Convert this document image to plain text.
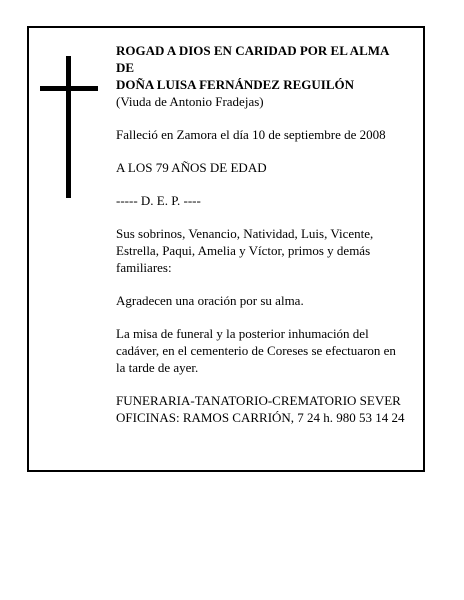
ROGAD A DIOS EN CARIDAD POR EL ALMA

DE

DOÑA LUISA FERNÁNDEZ REGUILÓN

(Viuda de Antonio Fradejas)

Falleció en Zamora el día 10 de septiembre de 2008

A LOS 79 AÑOS DE EDAD

----- D. E. P. ----

Sus sobrinos, Venancio, Natividad, Luis, Vicente,

Estrella, Paqui, Amelia y Víctor, primos y demás

familiares:

Agradecen una oración por su alma.

La misa de funeral y la posterior inhumación del

cadáver, en el cementerio de Coreses se efectuaron en

la tarde de ayer.

FUNERARIA-TANATORIO-CREMATORIO SEVER

OFICINAS: RAMOS CARRIÓN, 7 24 h. 980 53 14 24
